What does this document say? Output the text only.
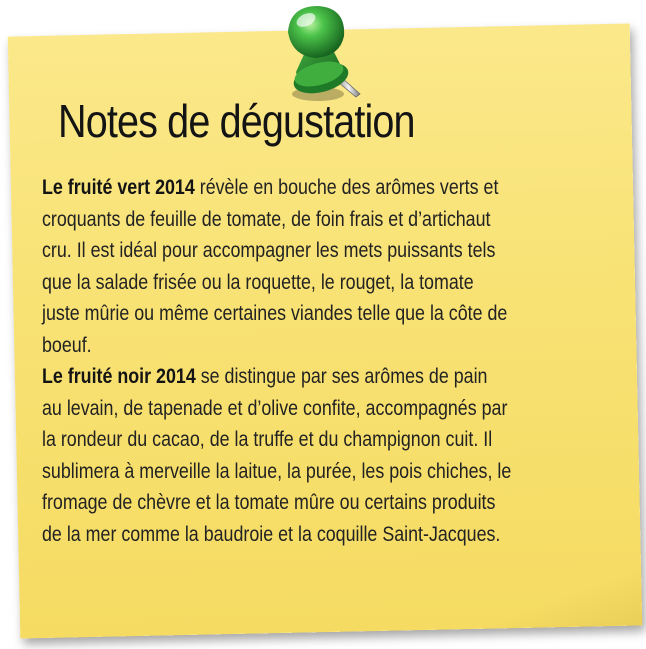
Notes de dégustation
Le fruité vert 2014 révèle en bouche des arômes verts et
croquants de feuille de tomate, de foin frais et d’artichaut
cru. Il est idéal pour accompagner les mets puissants tels
que la salade frisée ou la roquette, le rouget, la tomate
juste mûrie ou même certaines viandes telle que la côte de
boeuf.
Le fruité noir 2014 se distingue par ses arômes de pain
au levain, de tapenade et d’olive confite, accompagnés par
la rondeur du cacao, de la truffe et du champignon cuit. Il
sublimera à merveille la laitue, la purée, les pois chiches, le
fromage de chèvre et la tomate mûre ou certains produits
de la mer comme la baudroie et la coquille Saint-Jacques.
